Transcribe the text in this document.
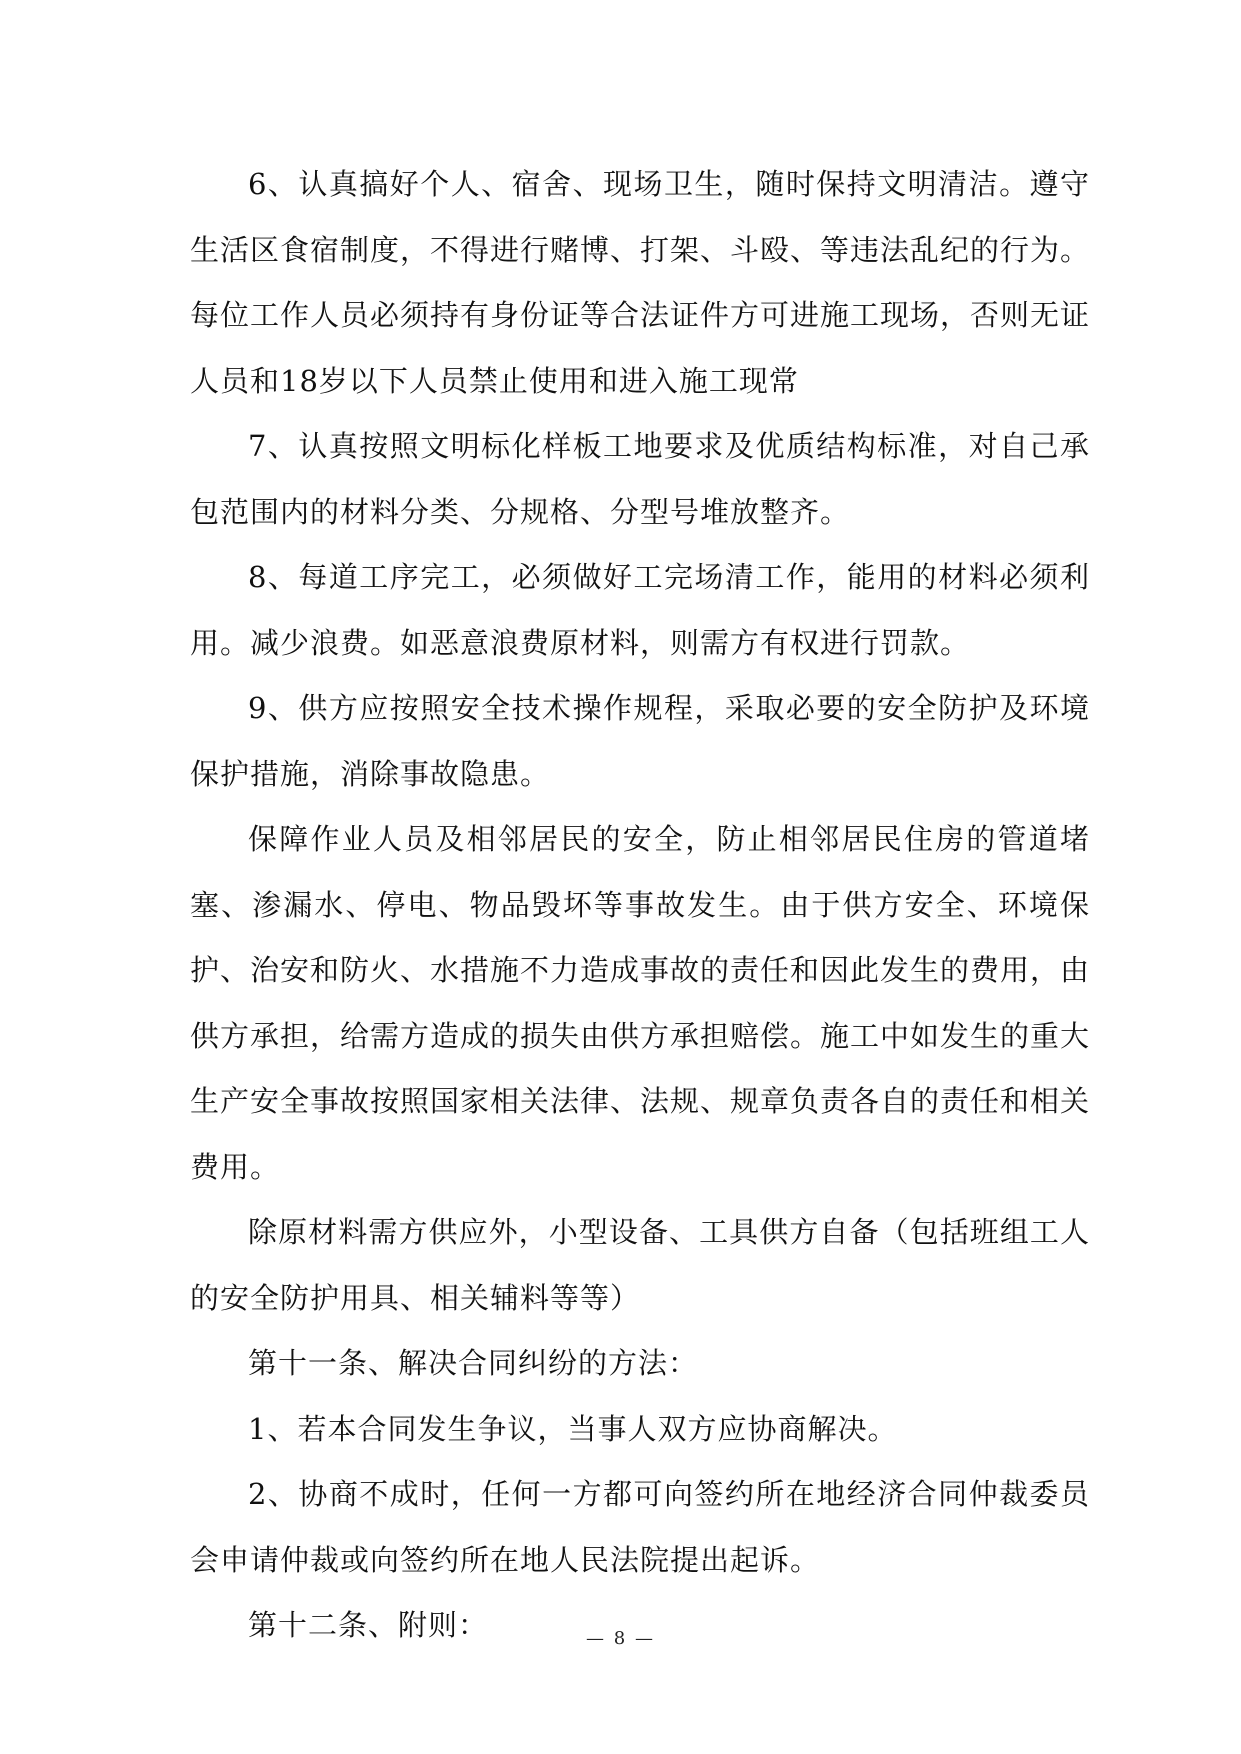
6、认真搞好个人、宿舍、现场卫生，随时保持文明清洁。遵守生活区食宿制度，不得进行赌博、打架、斗殴、等违法乱纪的行为。每位工作人员必须持有身份证等合法证件方可进施工现场，否则无证人员和18岁以下人员禁止使用和进入施工现常

7、认真按照文明标化样板工地要求及优质结构标准，对自己承包范围内的材料分类、分规格、分型号堆放整齐。

8、每道工序完工，必须做好工完场清工作，能用的材料必须利用。减少浪费。如恶意浪费原材料，则需方有权进行罚款。

9、供方应按照安全技术操作规程，采取必要的安全防护及环境保护措施，消除事故隐患。

保障作业人员及相邻居民的安全，防止相邻居民住房的管道堵塞、渗漏水、停电、物品毁坏等事故发生。由于供方安全、环境保护、治安和防火、水措施不力造成事故的责任和因此发生的费用，由供方承担，给需方造成的损失由供方承担赔偿。施工中如发生的重大生产安全事故按照国家相关法律、法规、规章负责各自的责任和相关费用。

除原材料需方供应外，小型设备、工具供方自备（包括班组工人的安全防护用具、相关辅料等等）

第十一条、解决合同纠纷的方法：

1、若本合同发生争议，当事人双方应协商解决。

2、协商不成时，任何一方都可向签约所在地经济合同仲裁委员会申请仲裁或向签约所在地人民法院提出起诉。

第十二条、附则：	— 8 —
